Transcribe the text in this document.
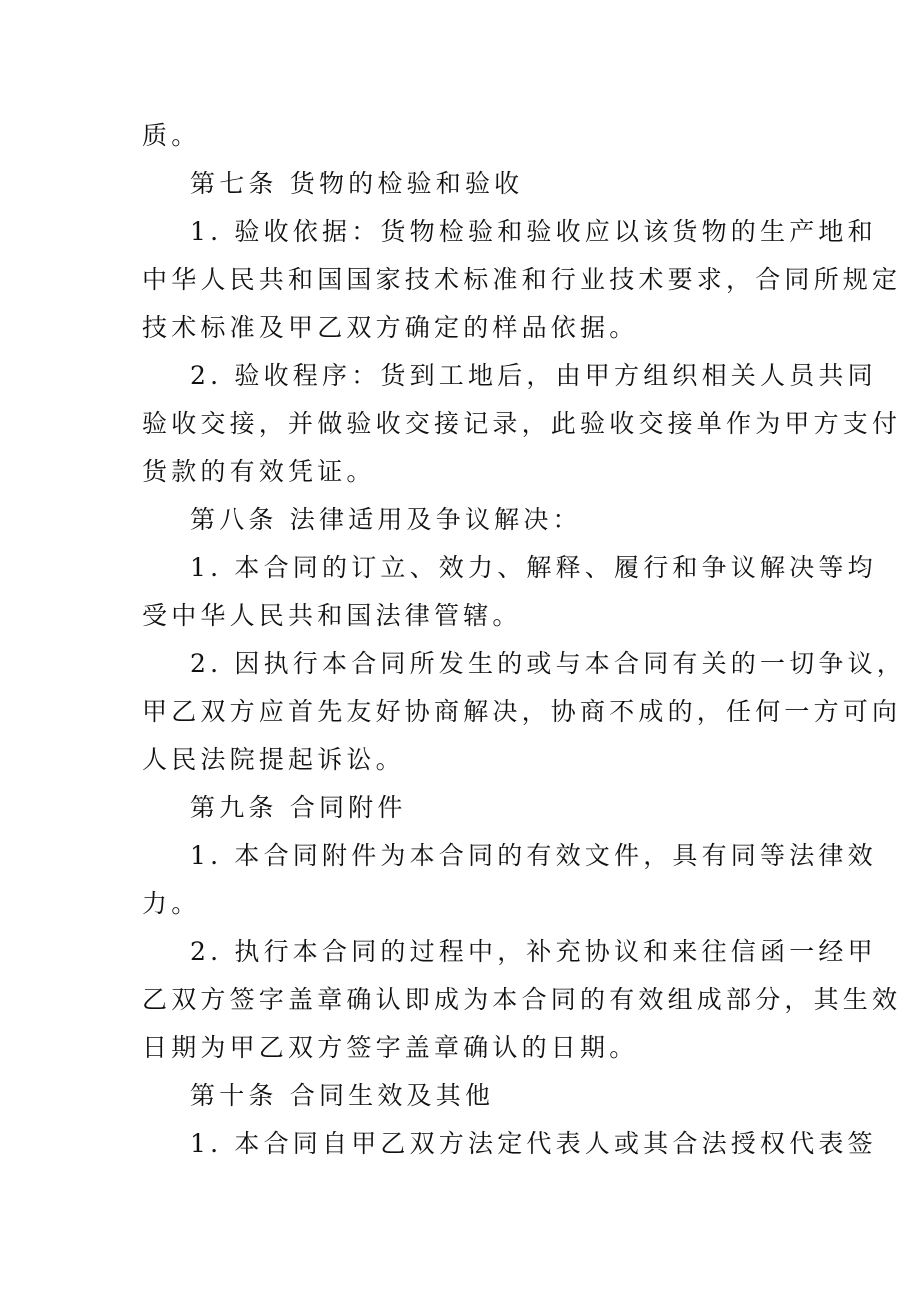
质。
第七条 货物的检验和验收
1. 验收依据：货物检验和验收应以该货物的生产地和
中华人民共和国国家技术标准和行业技术要求，合同所规定
技术标准及甲乙双方确定的样品依据。
2. 验收程序：货到工地后，由甲方组织相关人员共同
验收交接，并做验收交接记录，此验收交接单作为甲方支付
货款的有效凭证。
第八条 法律适用及争议解决：
1. 本合同的订立、效力、解释、履行和争议解决等均
受中华人民共和国法律管辖。
2. 因执行本合同所发生的或与本合同有关的一切争议，
甲乙双方应首先友好协商解决，协商不成的，任何一方可向
人民法院提起诉讼。
第九条 合同附件
1. 本合同附件为本合同的有效文件，具有同等法律效
力。
2. 执行本合同的过程中，补充协议和来往信函一经甲
乙双方签字盖章确认即成为本合同的有效组成部分，其生效
日期为甲乙双方签字盖章确认的日期。
第十条 合同生效及其他
1. 本合同自甲乙双方法定代表人或其合法授权代表签
